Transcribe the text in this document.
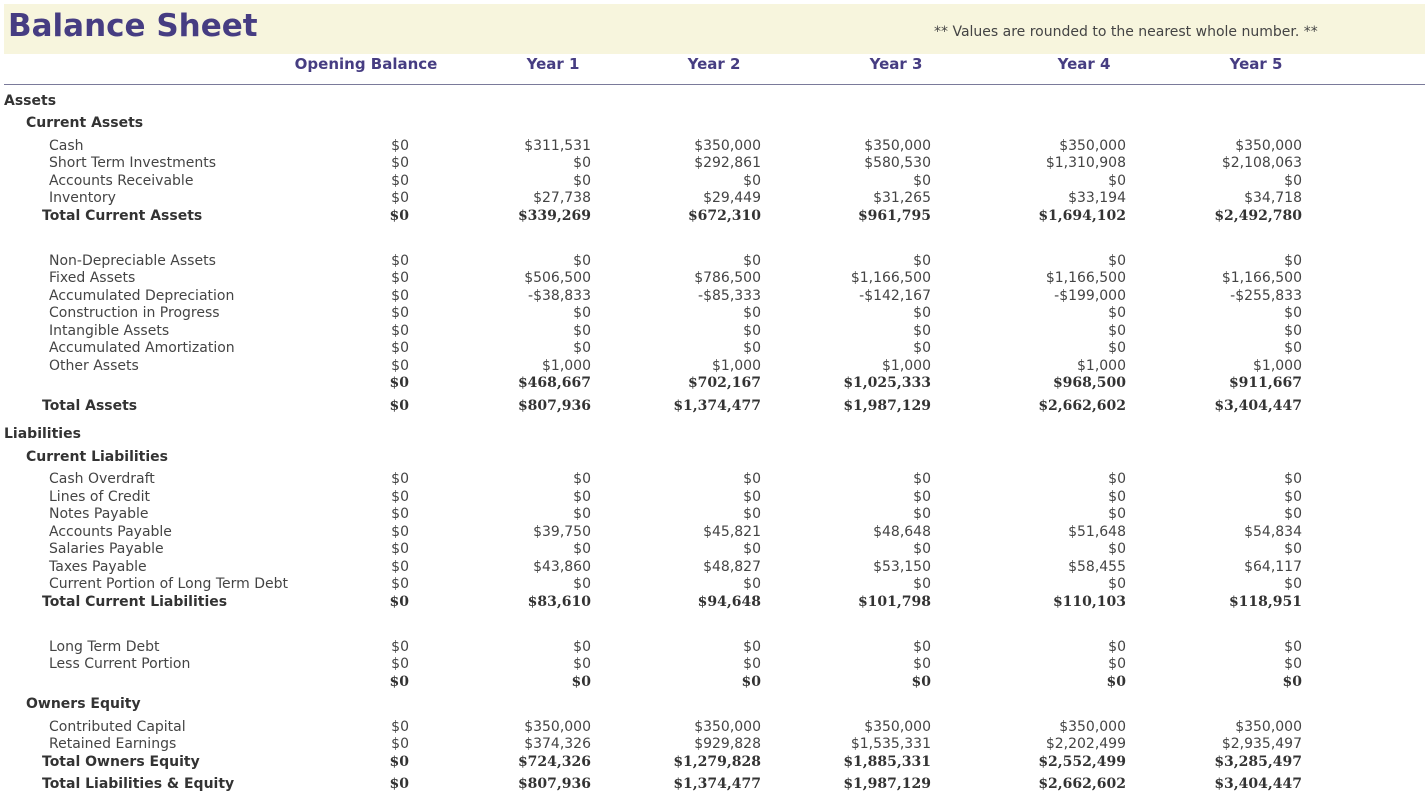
Balance Sheet	** Values are rounded to the nearest whole number. **
Opening Balance	Year 1	Year 2	Year 3	Year 4	Year 5
Assets
Current Assets
Cash	$0	$311,531	$350,000	$350,000	$350,000	$350,000
Short Term Investments	$0	$0	$292,861	$580,530	$1,310,908	$2,108,063
Accounts Receivable	$0	$0	$0	$0	$0	$0
Inventory	$0	$27,738	$29,449	$31,265	$33,194	$34,718
Total Current Assets	$0	$339,269	$672,310	$961,795	$1,694,102	$2,492,780
Non-Depreciable Assets	$0	$0	$0	$0	$0	$0
Fixed Assets	$0	$506,500	$786,500	$1,166,500	$1,166,500	$1,166,500
Accumulated Depreciation	$0	-$38,833	-$85,333	-$142,167	-$199,000	-$255,833
Construction in Progress	$0	$0	$0	$0	$0	$0
Intangible Assets	$0	$0	$0	$0	$0	$0
Accumulated Amortization	$0	$0	$0	$0	$0	$0
Other Assets	$0	$1,000	$1,000	$1,000	$1,000	$1,000
$0	$468,667	$702,167	$1,025,333	$968,500	$911,667
Total Assets	$0	$807,936	$1,374,477	$1,987,129	$2,662,602	$3,404,447
Liabilities
Current Liabilities
Cash Overdraft	$0	$0	$0	$0	$0	$0
Lines of Credit	$0	$0	$0	$0	$0	$0
Notes Payable	$0	$0	$0	$0	$0	$0
Accounts Payable	$0	$39,750	$45,821	$48,648	$51,648	$54,834
Salaries Payable	$0	$0	$0	$0	$0	$0
Taxes Payable	$0	$43,860	$48,827	$53,150	$58,455	$64,117
Current Portion of Long Term Debt	$0	$0	$0	$0	$0	$0
Total Current Liabilities	$0	$83,610	$94,648	$101,798	$110,103	$118,951
Long Term Debt	$0	$0	$0	$0	$0	$0
Less Current Portion	$0	$0	$0	$0	$0	$0
$0	$0	$0	$0	$0	$0
Owners Equity
Contributed Capital	$0	$350,000	$350,000	$350,000	$350,000	$350,000
Retained Earnings	$0	$374,326	$929,828	$1,535,331	$2,202,499	$2,935,497
Total Owners Equity	$0	$724,326	$1,279,828	$1,885,331	$2,552,499	$3,285,497
Total Liabilities & Equity	$0	$807,936	$1,374,477	$1,987,129	$2,662,602	$3,404,447
